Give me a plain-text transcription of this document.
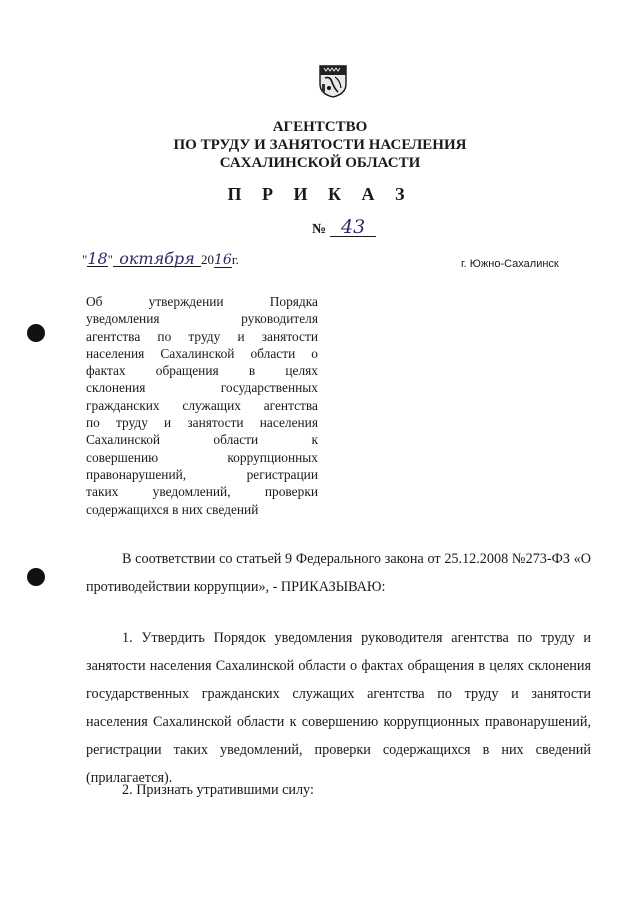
АГЕНТСТВО
ПО ТРУДУ И ЗАНЯТОСТИ НАСЕЛЕНИЯ
САХАЛИНСКОЙ ОБЛАСТИ
П Р И К А З
№ 43
"18" октября 2016г.	г. Южно-Сахалинск
Об утверждении Порядка
уведомления руководителя
агентства по труду и занятости
населения Сахалинской области о
фактах обращения в целях
склонения государственных
гражданских служащих агентства
по труду и занятости населения
Сахалинской области к
совершению коррупционных
правонарушений, регистрации
таких уведомлений, проверки
содержащихся в них сведений
В соответствии со статьей 9 Федерального закона от 25.12.2008 №273-ФЗ «О противодействии коррупции», - ПРИКАЗЫВАЮ:
1. Утвердить Порядок уведомления руководителя агентства по труду и занятости населения Сахалинской области о фактах обращения в целях склонения государственных гражданских служащих агентства по труду и занятости населения Сахалинской области к совершению коррупционных правонарушений, регистрации таких уведомлений, проверки содержащихся в них сведений (прилагается).
2. Признать утратившими силу:
